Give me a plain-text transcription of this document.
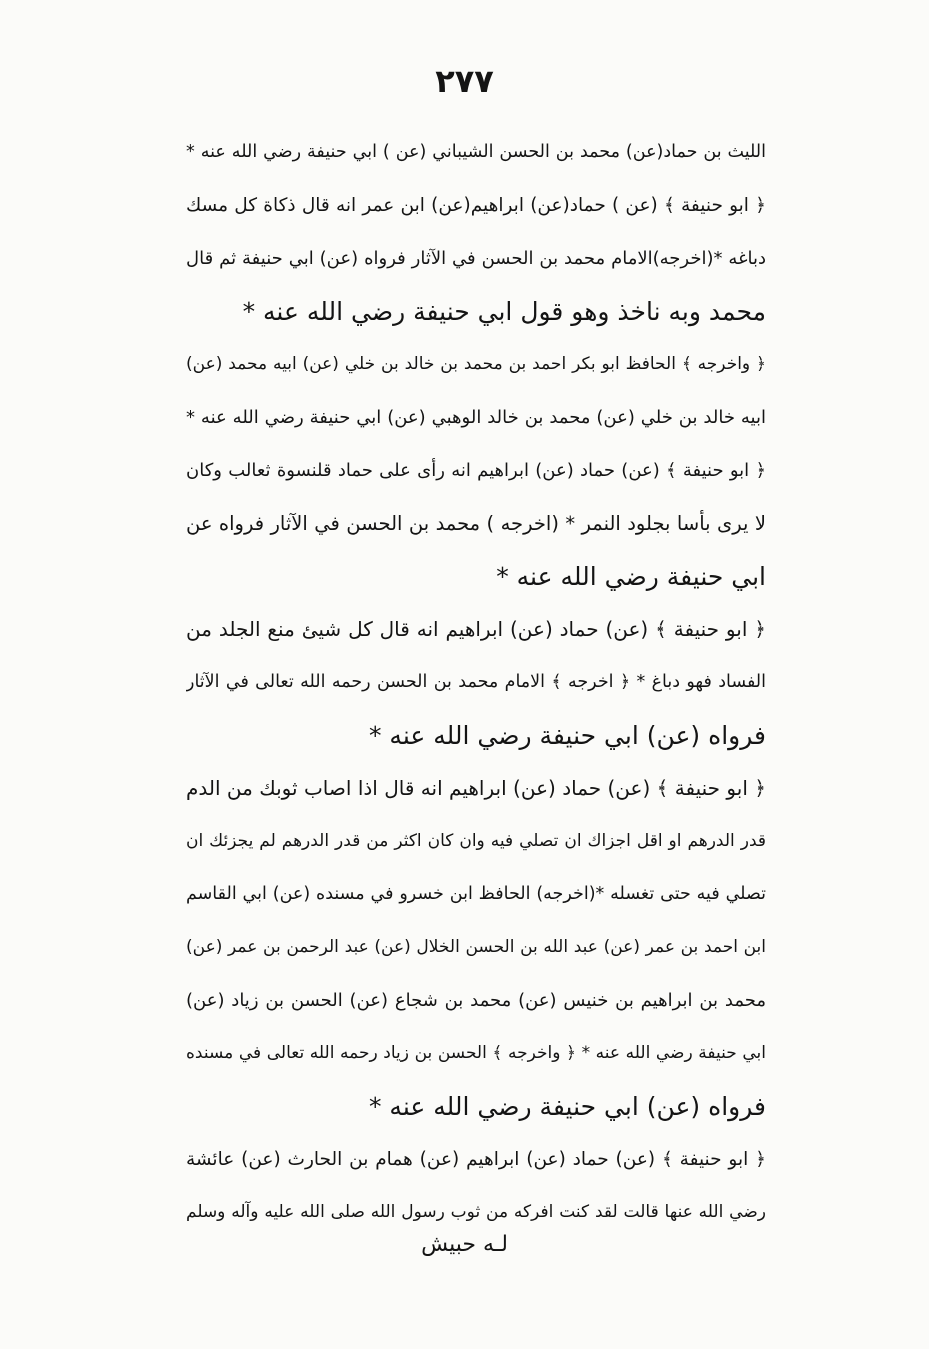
٢٧٧
الليث بن حماد(عن) محمد بن الحسن الشيباني (عن ) ابي حنيفة رضي الله عنه *
﴿ ابو حنيفة ﴾ (عن ) حماد(عن) ابراهيم(عن) ابن عمر انه قال ذكاة كل مسك
دباغه *(اخرجه)الامام محمد بن الحسن في الآثار فرواه (عن) ابي حنيفة ثم قال
محمد وبه ناخذ وهو قول ابي حنيفة رضي الله عنه *
﴿ واخرجه ﴾ الحافظ ابو بكر احمد بن محمد بن خالد بن خلي (عن) ابيه محمد (عن)
ابيه خالد بن خلي (عن) محمد بن خالد الوهبي (عن) ابي حنيفة رضي الله عنه *
﴿ ابو حنيفة ﴾ (عن) حماد (عن) ابراهيم انه رأى على حماد قلنسوة ثعالب وكان
لا يرى بأسا بجلود النمر * (اخرجه ) محمد بن الحسن في الآثار فرواه عن
ابي حنيفة رضي الله عنه *
﴿ ابو حنيفة ﴾ (عن) حماد (عن) ابراهيم انه قال كل شيئ منع الجلد من
الفساد فهو دباغ * ﴿ اخرجه ﴾ الامام محمد بن الحسن رحمه الله تعالى في الآثار
فرواه (عن) ابي حنيفة رضي الله عنه *
﴿ ابو حنيفة ﴾ (عن) حماد (عن) ابراهيم انه قال اذا اصاب ثوبك من الدم
قدر الدرهم او اقل اجزاك ان تصلي فيه وان كان اكثر من قدر الدرهم لم يجزئك ان
تصلي فيه حتى تغسله *(اخرجه) الحافظ ابن خسرو في مسنده (عن) ابي القاسم
ابن احمد بن عمر (عن) عبد الله بن الحسن الخلال (عن) عبد الرحمن بن عمر (عن)
محمد بن ابراهيم بن خنيس (عن) محمد بن شجاع (عن) الحسن بن زياد (عن)
ابي حنيفة رضي الله عنه * ﴿ واخرجه ﴾ الحسن بن زياد رحمه الله تعالى في مسنده
فرواه (عن) ابي حنيفة رضي الله عنه *
﴿ ابو حنيفة ﴾ (عن) حماد (عن) ابراهيم (عن) همام بن الحارث (عن) عائشة
رضي الله عنها قالت لقد كنت افركه من ثوب رسول الله صلى الله عليه وآله وسلم
لـه حبيش
